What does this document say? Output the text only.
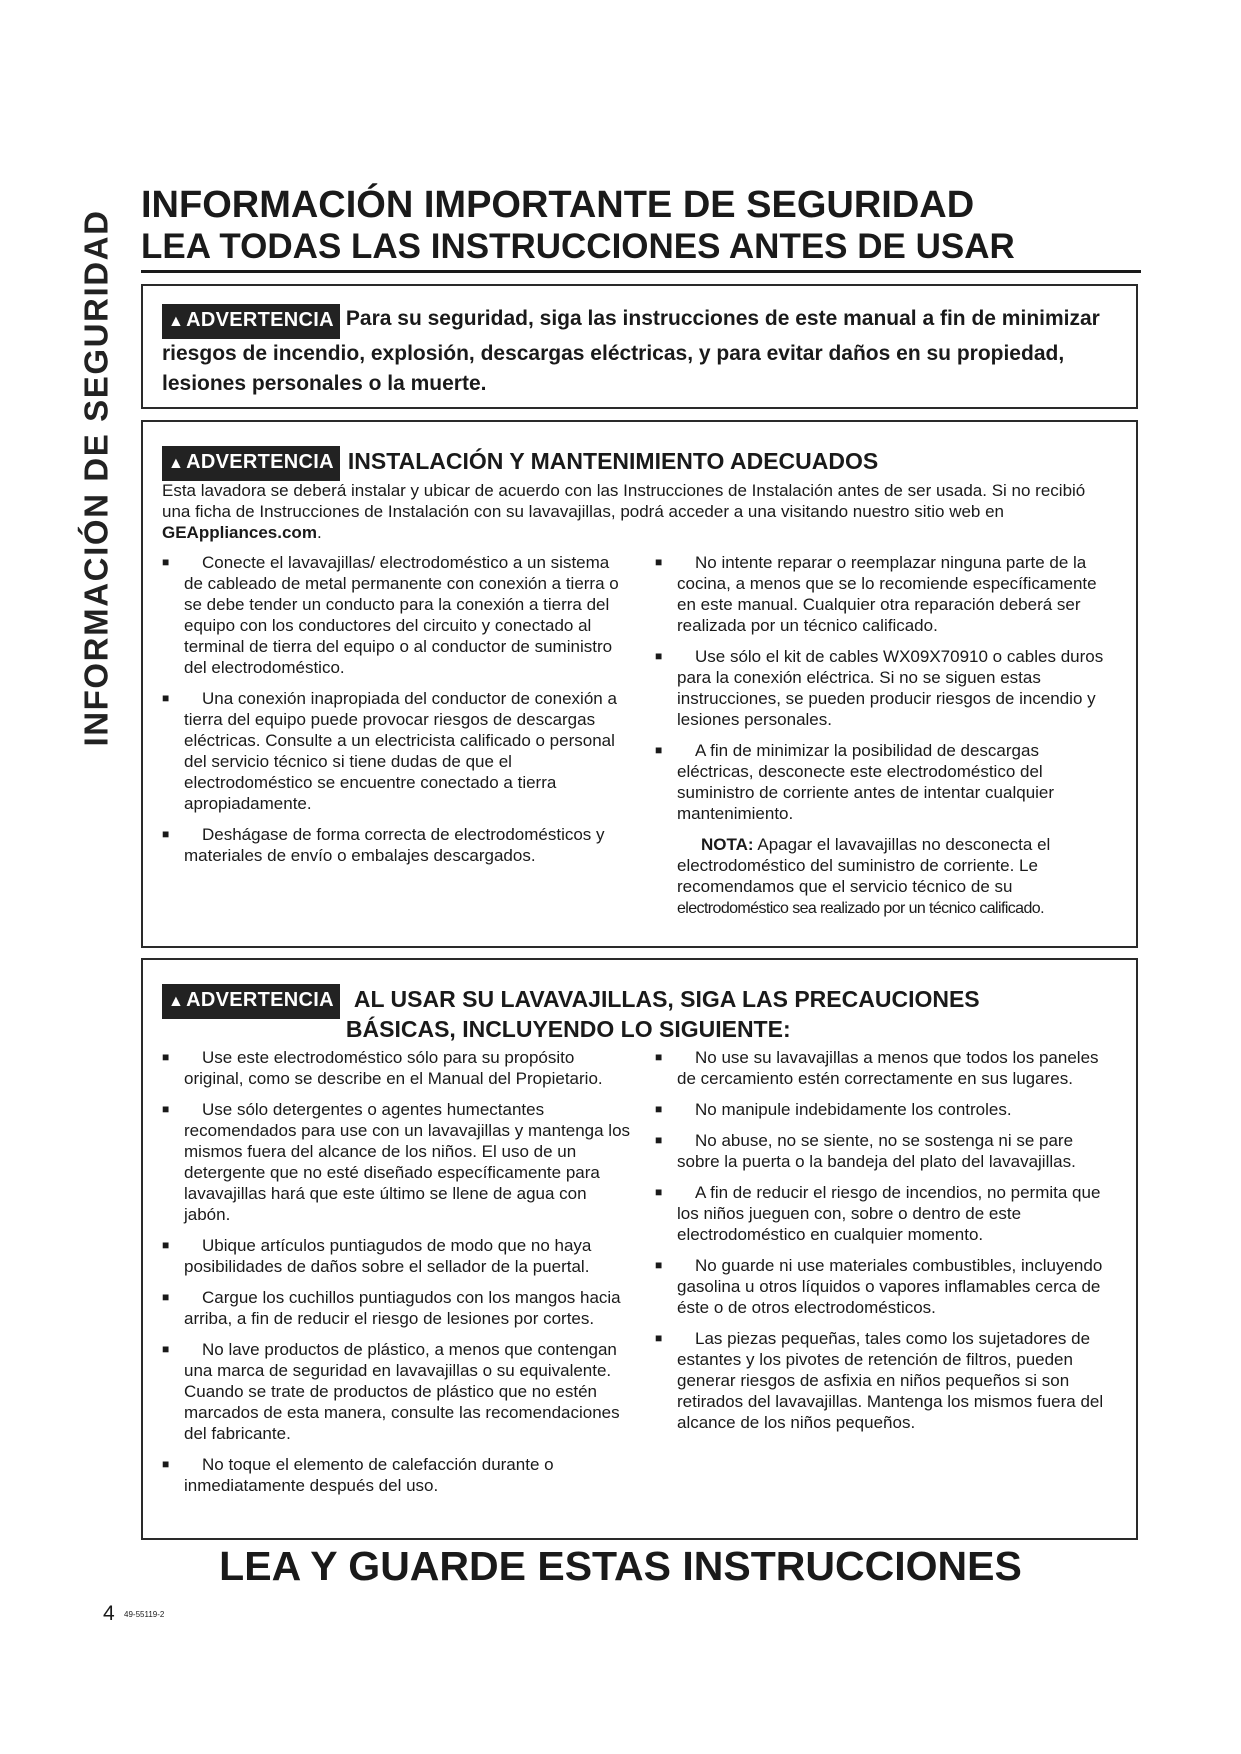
INFORMACIÓN DE SEGURIDAD
INFORMACIÓN IMPORTANTE DE SEGURIDAD
LEA TODAS LAS INSTRUCCIONES ANTES DE USAR
▲ ADVERTENCIA Para su seguridad, siga las instrucciones de este manual a fin de minimizar riesgos de incendio, explosión, descargas eléctricas, y para evitar daños en su propiedad, lesiones personales o la muerte.
▲ ADVERTENCIA INSTALACIÓN Y MANTENIMIENTO ADECUADOS
Esta lavadora se deberá instalar y ubicar de acuerdo con las Instrucciones de Instalación antes de ser usada. Si no recibió una ficha de Instrucciones de Instalación con su lavavajillas, podrá acceder a una visitando nuestro sitio web en GEAppliances.com.
■	Conecte el lavavajillas/ electrodoméstico a un sistema de cableado de metal permanente con conexión a tierra o se debe tender un conducto para la conexión a tierra del equipo con los conductores del circuito y conectado al terminal de tierra del equipo o al conductor de suministro del electrodoméstico.
■	Una conexión inapropiada del conductor de conexión a tierra del equipo puede provocar riesgos de descargas eléctricas. Consulte a un electricista calificado o personal del servicio técnico si tiene dudas de que el electrodoméstico se encuentre conectado a tierra apropiadamente.
■	Deshágase de forma correcta de electrodomésticos y materiales de envío o embalajes descargados.
■	No intente reparar o reemplazar ninguna parte de la cocina, a menos que se lo recomiende específicamente en este manual. Cualquier otra reparación deberá ser realizada por un técnico calificado.
■	Use sólo el kit de cables WX09X70910 o cables duros para la conexión eléctrica. Si no se siguen estas instrucciones, se pueden producir riesgos de incendio y lesiones personales.
■	A fin de minimizar la posibilidad de descargas eléctricas, desconecte este electrodoméstico del suministro de corriente antes de intentar cualquier mantenimiento.
NOTA: Apagar el lavavajillas no desconecta el electrodoméstico del suministro de corriente. Le recomendamos que el servicio técnico de su electrodoméstico sea realizado por un técnico calificado.
▲ ADVERTENCIA AL USAR SU LAVAVAJILLAS, SIGA LAS PRECAUCIONES
BÁSICAS, INCLUYENDO LO SIGUIENTE:
■	Use este electrodoméstico sólo para su propósito original, como se describe en el Manual del Propietario.
■	Use sólo detergentes o agentes humectantes recomendados para use con un lavavajillas y mantenga los mismos fuera del alcance de los niños. El uso de un detergente que no esté diseñado específicamente para lavavajillas hará que este último se llene de agua con jabón.
■	Ubique artículos puntiagudos de modo que no haya posibilidades de daños sobre el sellador de la puertal.
■	Cargue los cuchillos puntiagudos con los mangos hacia arriba, a fin de reducir el riesgo de lesiones por cortes.
■	No lave productos de plástico, a menos que contengan una marca de seguridad en lavavajillas o su equivalente. Cuando se trate de productos de plástico que no estén marcados de esta manera, consulte las recomendaciones del fabricante.
■	No toque el elemento de calefacción durante o inmediatamente después del uso.
■	No use su lavavajillas a menos que todos los paneles de cercamiento estén correctamente en sus lugares.
■	No manipule indebidamente los controles.
■	No abuse, no se siente, no se sostenga ni se pare sobre la puerta o la bandeja del plato del lavavajillas.
■	A fin de reducir el riesgo de incendios, no permita que los niños jueguen con, sobre o dentro de este electrodoméstico en cualquier momento.
■	No guarde ni use materiales combustibles, incluyendo gasolina u otros líquidos o vapores inflamables cerca de éste o de otros electrodomésticos.
■	Las piezas pequeñas, tales como los sujetadores de estantes y los pivotes de retención de filtros, pueden generar riesgos de asfixia en niños pequeños si son retirados del lavavajillas. Mantenga los mismos fuera del alcance de los niños pequeños.
LEA Y GUARDE ESTAS INSTRUCCIONES
4 49-55119-2
